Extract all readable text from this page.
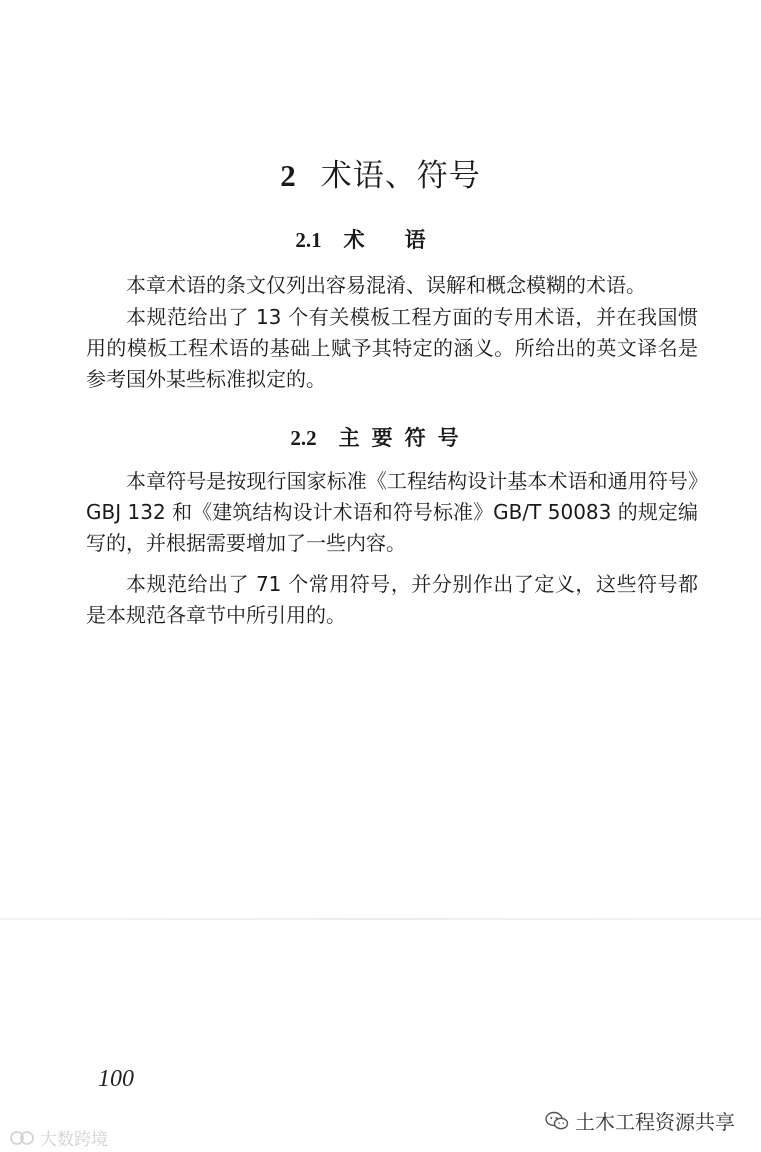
2 术语、符号
2.1 术语

本章术语的条文仅列出容易混淆、误解和概念模糊的术语。

本规范给出了 13 个有关模板工程方面的专用术语，并在我国惯用的模板工程术语的基础上赋予其特定的涵义。所给出的英文译名是参考国外某些标准拟定的。

2.2 主要符号

本章符号是按现行国家标准《工程结构设计基本术语和通用符号》GBJ 132 和《建筑结构设计术语和符号标准》GB/T 50083 的规定编写的，并根据需要增加了一些内容。

本规范给出了 71 个常用符号，并分别作出了定义，这些符号都是本规范各章节中所引用的。

100
土木工程资源共享
大数跨境
